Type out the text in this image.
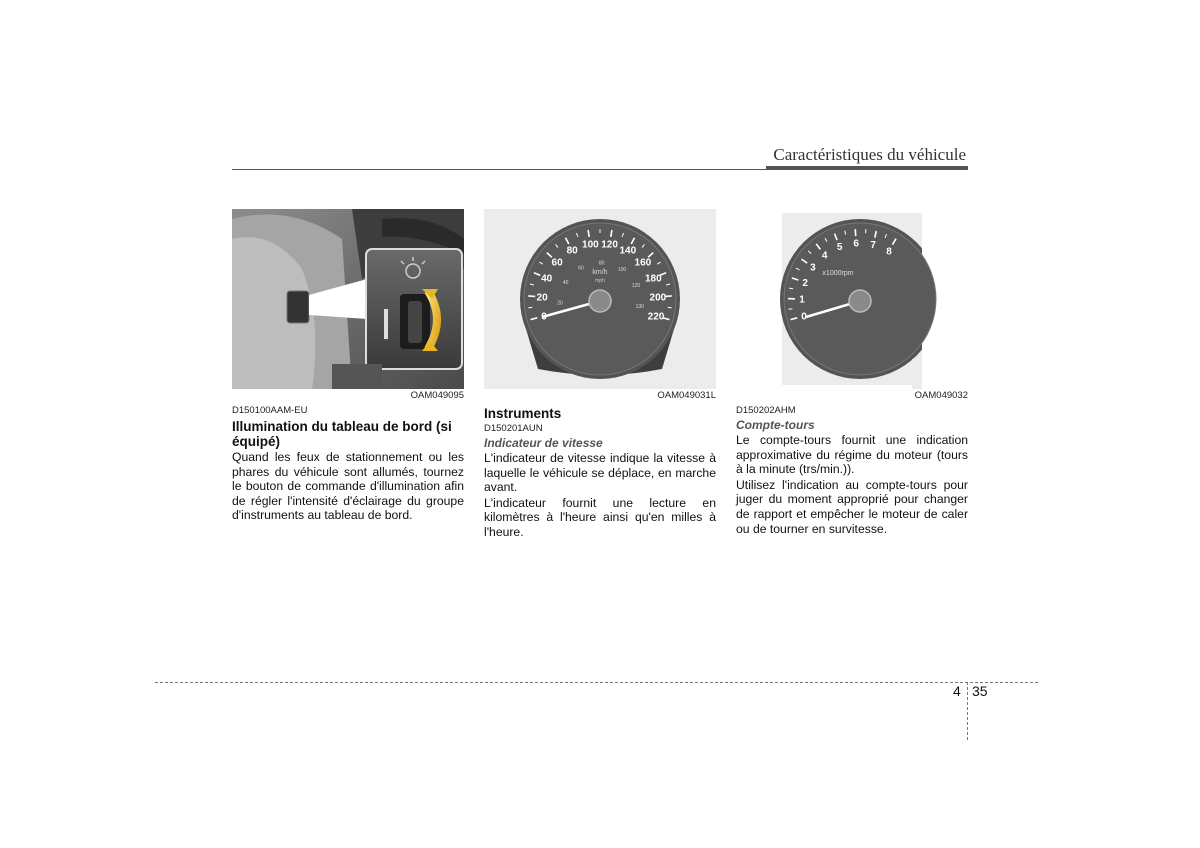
Caractéristiques du véhicule
OAM049095
D150100AAM-EU
Illumination du tableau de bord (si équipé)

Quand les feux de stationnement ou les phares du véhicule sont allumés, tournez le bouton de commande d'illumination afin de régler l'intensité d'éclairage du groupe d'instruments au tableau de bord.

km/h
mph
20
40
60
80
100 120
140
160
180
200
220
20
40
60
80
100
120
130
OAM049031L
Instruments
D150201AUN
Indicateur de vitesse

L'indicateur de vitesse indique la vitesse à laquelle le véhicule se déplace, en marche avant.

L'indicateur fournit une lecture en kilomètres à l'heure ainsi qu'en milles à l'heure.

x1000rpm
0
1
2
3
4
5 6 7
8
OAM049032
D150202AHM
Compte-tours

Le compte-tours fournit une indication approximative du régime du moteur (tours à la minute (trs/min.)).

Utilisez l'indication au compte-tours pour juger du moment approprié pour changer de rapport et empêcher le moteur de caler ou de tourner en survitesse.

4 35
